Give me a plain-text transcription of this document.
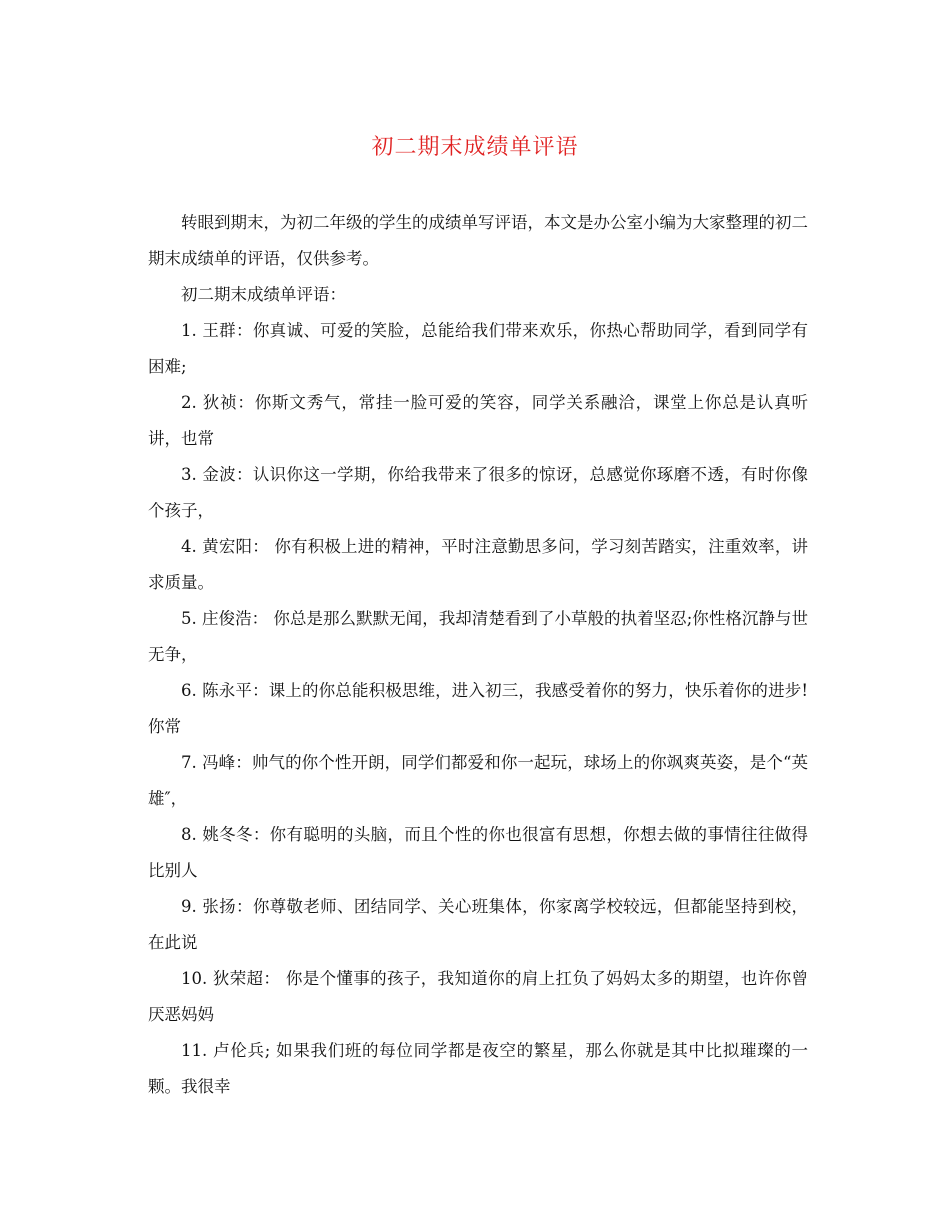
初二期末成绩单评语

转眼到期末，为初二年级的学生的成绩单写评语，本文是办公室小编为大家整理的初二期末成绩单的评语，仅供参考。

初二期末成绩单评语：

1. 王群：你真诚、可爱的笑脸，总能给我们带来欢乐，你热心帮助同学，看到同学有困难;

2. 狄祯：你斯文秀气，常挂一脸可爱的笑容，同学关系融洽，课堂上你总是认真听讲，也常

3. 金波：认识你这一学期，你给我带来了很多的惊讶，总感觉你琢磨不透，有时你像个孩子，

4. 黄宏阳： 你有积极上进的精神，平时注意勤思多问，学习刻苦踏实，注重效率，讲求质量。

5. 庄俊浩： 你总是那么默默无闻，我却清楚看到了小草般的执着坚忍;你性格沉静与世无争，

6. 陈永平：课上的你总能积极思维，进入初三，我感受着你的努力，快乐着你的进步!你常

7. 冯峰：帅气的你个性开朗，同学们都爱和你一起玩，球场上的你飒爽英姿，是个“英雄″，

8. 姚冬冬：你有聪明的头脑，而且个性的你也很富有思想，你想去做的事情往往做得比别人

9. 张扬：你尊敬老师、团结同学、关心班集体，你家离学校较远，但都能坚持到校，在此说

10. 狄荣超： 你是个懂事的孩子，我知道你的肩上扛负了妈妈太多的期望，也许你曾厌恶妈妈

11. 卢伦兵; 如果我们班的每位同学都是夜空的繁星，那么你就是其中比拟璀璨的一颗。我很幸
